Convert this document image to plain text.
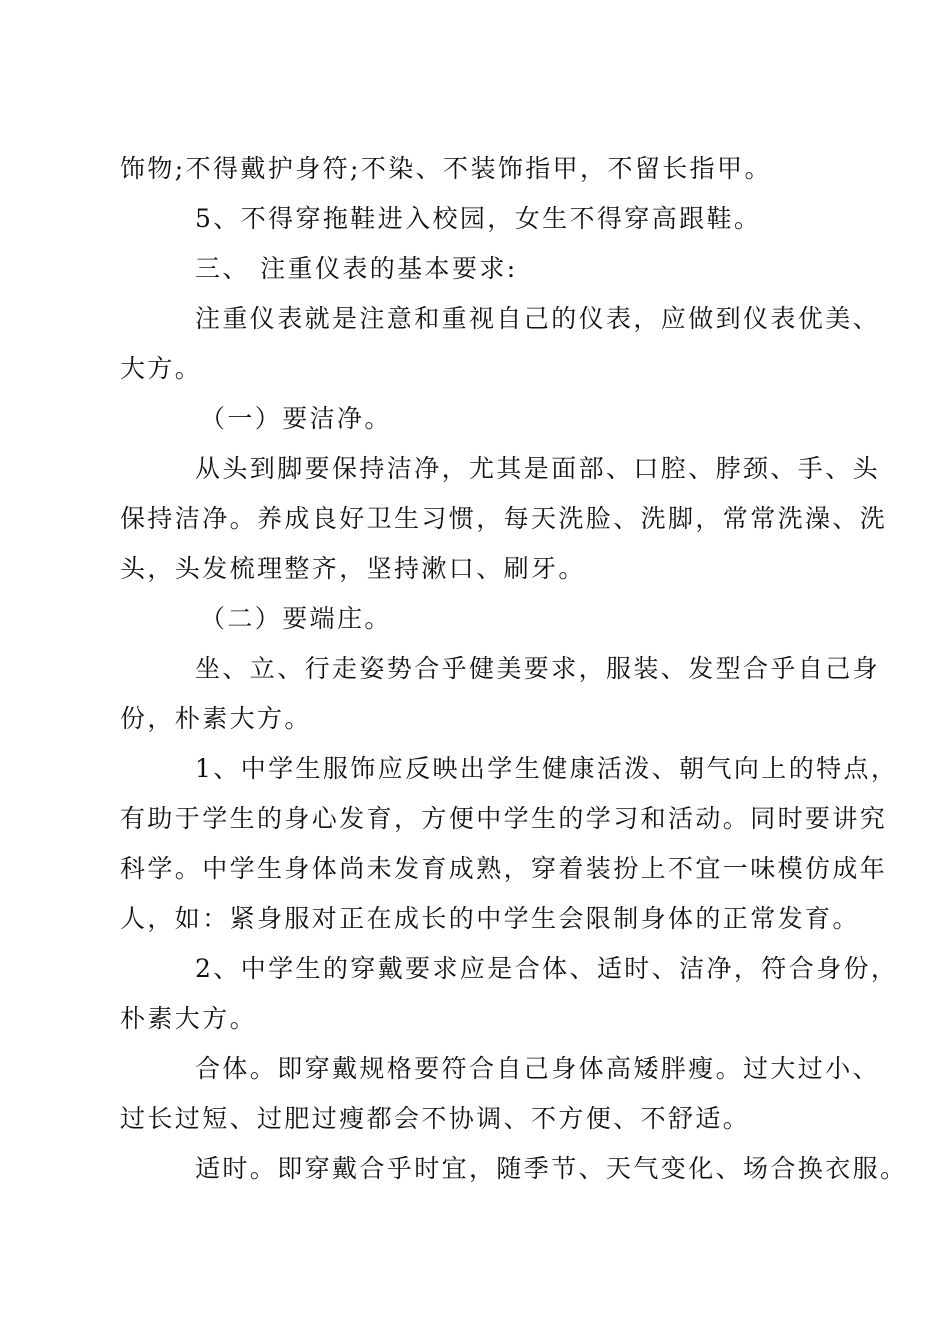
饰物;不得戴护身符;不染、不装饰指甲，不留长指甲。
5、不得穿拖鞋进入校园，女生不得穿高跟鞋。
三、 注重仪表的基本要求:
注重仪表就是注意和重视自己的仪表，应做到仪表优美、
大方。
（一）要洁净。
从头到脚要保持洁净，尤其是面部、口腔、脖颈、手、头
保持洁净。养成良好卫生习惯，每天洗脸、洗脚，常常洗澡、洗
头，头发梳理整齐，坚持漱口、刷牙。
（二）要端庄。
坐、立、行走姿势合乎健美要求，服装、发型合乎自己身
份，朴素大方。
1、中学生服饰应反映出学生健康活泼、朝气向上的特点，
有助于学生的身心发育，方便中学生的学习和活动。同时要讲究
科学。中学生身体尚未发育成熟，穿着装扮上不宜一味模仿成年
人，如：紧身服对正在成长的中学生会限制身体的正常发育。
2、中学生的穿戴要求应是合体、适时、洁净，符合身份，
朴素大方。
合体。即穿戴规格要符合自己身体高矮胖瘦。过大过小、
过长过短、过肥过瘦都会不协调、不方便、不舒适。
适时。即穿戴合乎时宜，随季节、天气变化、场合换衣服。
